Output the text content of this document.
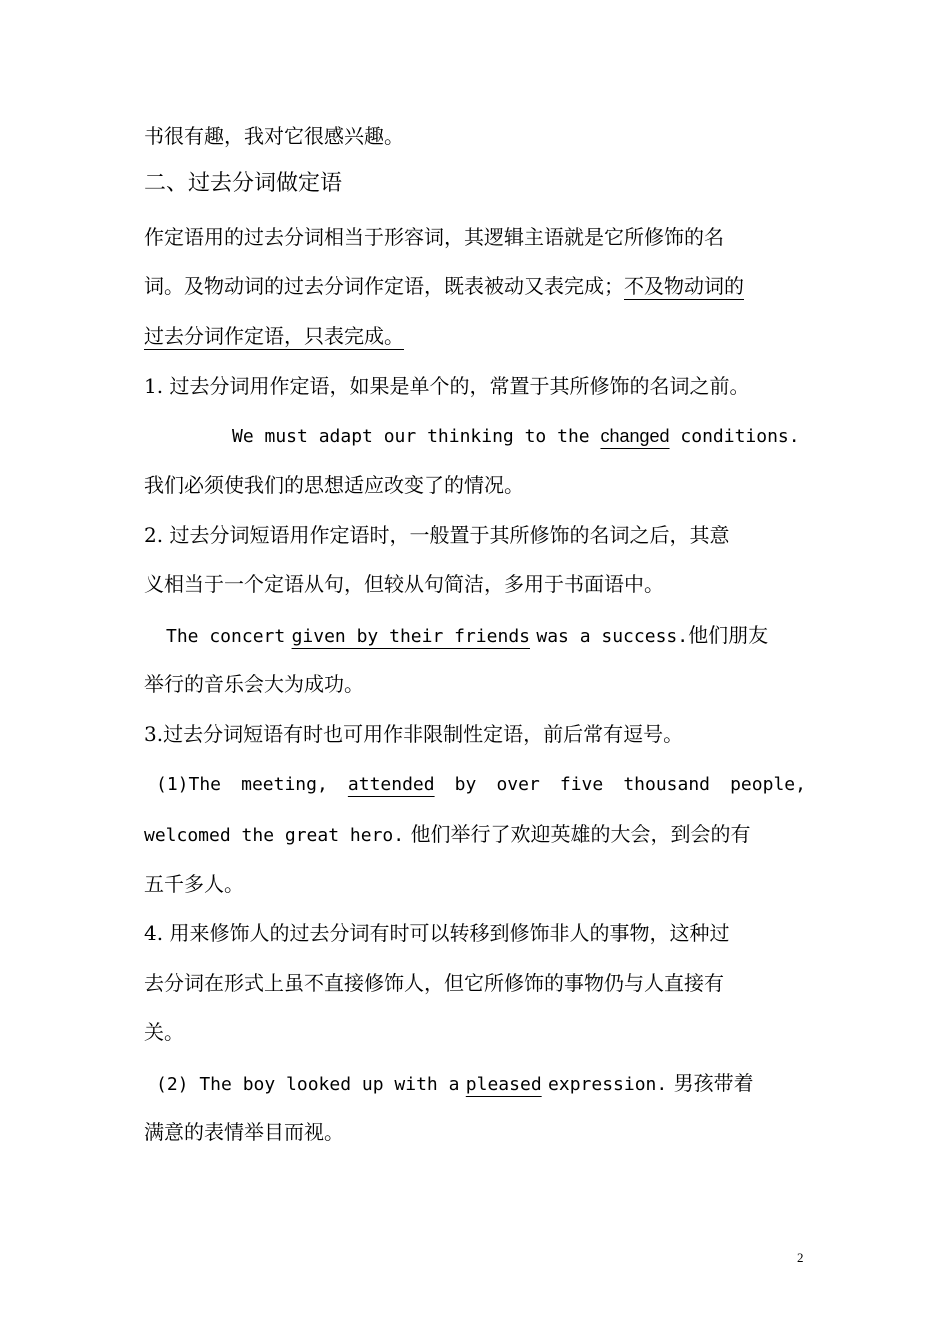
书很有趣，我对它很感兴趣。
二、过去分词做定语
作定语用的过去分词相当于形容词，其逻辑主语就是它所修饰的名
词。及物动词的过去分词作定语，既表被动又表完成；不及物动词的
过去分词作定语，只表完成。
1. 过去分词用作定语，如果是单个的，常置于其所修饰的名词之前。
We must adapt our thinking to the changed conditions.
我们必须使我们的思想适应改变了的情况。
2. 过去分词短语用作定语时，一般置于其所修饰的名词之后，其意
义相当于一个定语从句，但较从句简洁，多用于书面语中。
The concert given by their friends was a success.他们朋友
举行的音乐会大为成功。
3.过去分词短语有时也可用作非限制性定语，前后常有逗号。
(1)The meeting, attended by over five thousand people,
welcomed the great hero. 他们举行了欢迎英雄的大会，到会的有
五千多人。
4. 用来修饰人的过去分词有时可以转移到修饰非人的事物，这种过
去分词在形式上虽不直接修饰人，但它所修饰的事物仍与人直接有
关。
(2) The boy looked up with a pleased expression. 男孩带着
满意的表情举目而视。
2
